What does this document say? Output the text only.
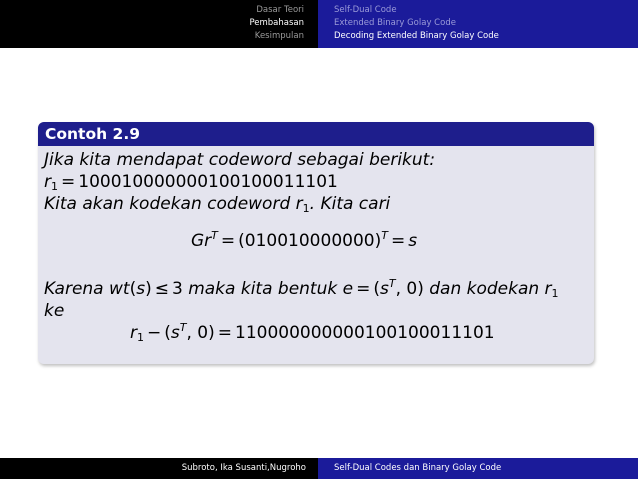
Dasar Teori
Pembahasan
Kesimpulan
Self-Dual Code
Extended Binary Golay Code
Decoding Extended Binary Golay Code
Contoh 2.9
Jika kita mendapat codeword sebagai berikut:
$r_1 = 100010000000100100011101$
Kita akan kodekan codeword $r_1$. Kita cari
$Gr^T = (010010000000)^T = s$
Karena wt(s) ≤ 3 maka kita bentuk $e = (s^T$, 0) dan kodekan $r_1$
ke
$r_1 - (s^T$, 0) = 110000000000100100011101
Subroto, Ika Susanti,Nugroho	Self-Dual Codes dan Binary Golay Code
